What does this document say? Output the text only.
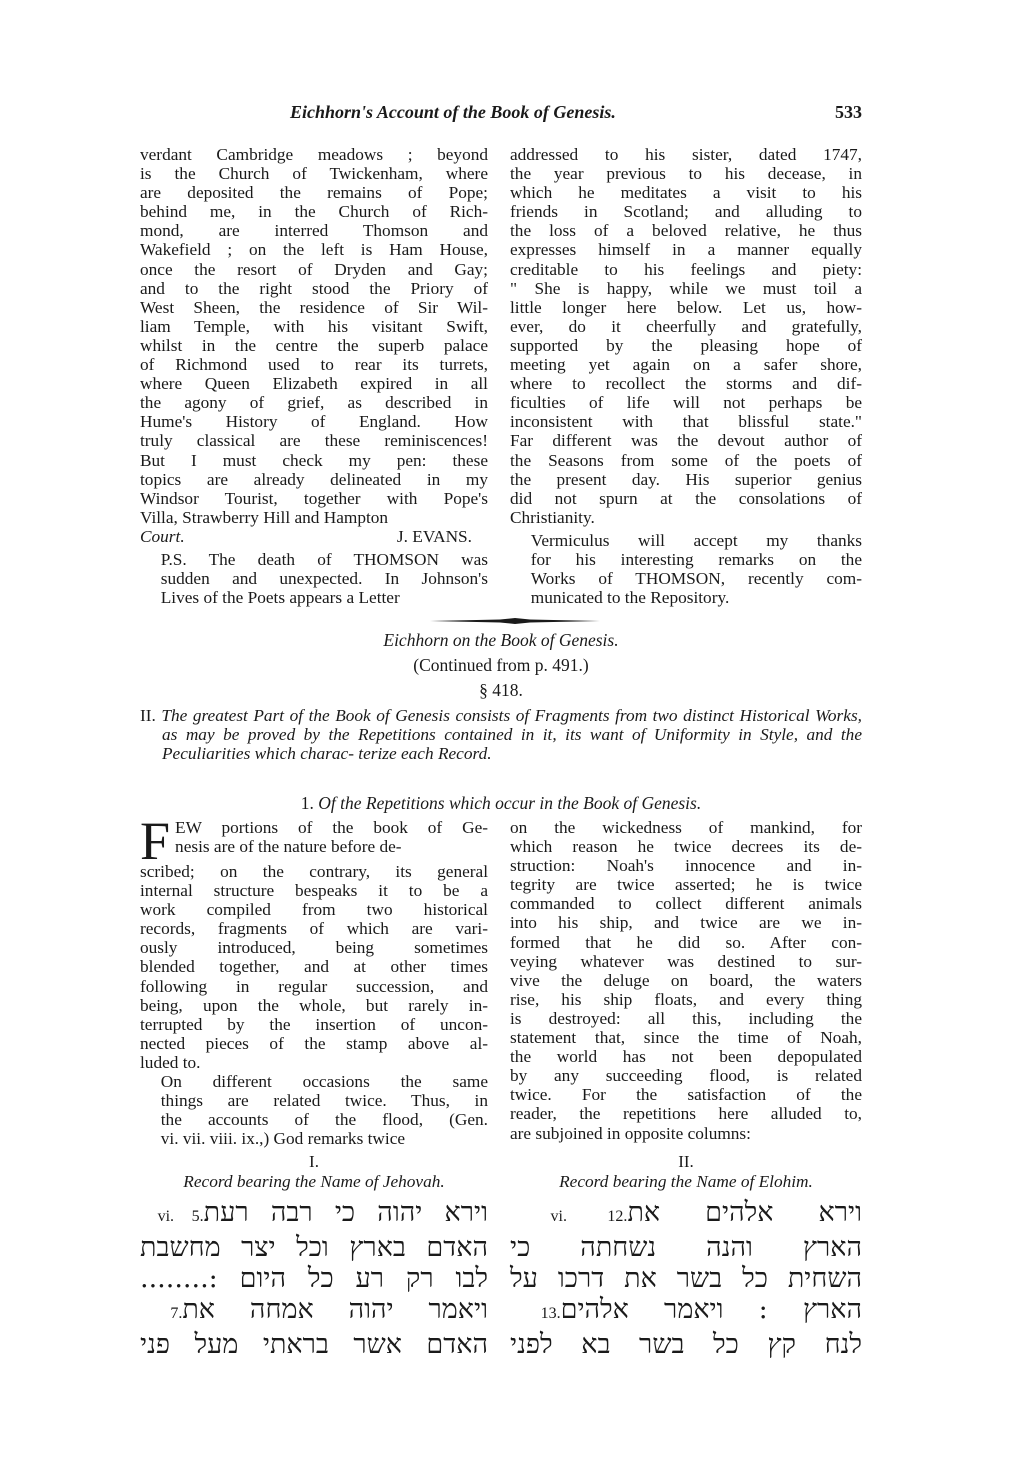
Eichhorn's Account of the Book of Genesis.	533
verdant Cambridge meadows ; beyond
is the Church of Twickenham, where
are deposited the remains of Pope;
behind me, in the Church of Rich-
mond, are interred Thomson and
Wakefield ; on the left is Ham House,
once the resort of Dryden and Gay;
and to the right stood the Priory of
West Sheen, the residence of Sir Wil-
liam Temple, with his visitant Swift,
whilst in the centre the superb palace
of Richmond used to rear its turrets,
where Queen Elizabeth expired in all
the agony of grief, as described in
Hume's History of England. How
truly classical are these reminiscences!
But I must check my pen: these
topics are already delineated in my
Windsor Tourist, together with Pope's
Villa, Strawberry Hill and Hampton
Court.	J. EVANS.
P.S. The death of THOMSON was
sudden and unexpected. In Johnson's
Lives of the Poets appears a Letter
addressed to his sister, dated 1747,
the year previous to his decease, in
which he meditates a visit to his
friends in Scotland; and alluding to
the loss of a beloved relative, he thus
expresses himself in a manner equally
creditable to his feelings and piety:
" She is happy, while we must toil a
little longer here below. Let us, how-
ever, do it cheerfully and gratefully,
supported by the pleasing hope of
meeting yet again on a safer shore,
where to recollect the storms and dif-
ficulties of life will not perhaps be
inconsistent with that blissful state."
Far different was the devout author of
the Seasons from some of the poets of
the present day. His superior genius
did not spurn at the consolations of
Christianity.
Vermiculus will accept my thanks
for his interesting remarks on the
Works of THOMSON, recently com-
municated to the Repository.
Eichhorn on the Book of Genesis.
(Continued from p. 491.)
§ 418.
II. The greatest Part of the Book of Genesis consists of Fragments from two distinct Historical Works, as may be proved by the Repetitions contained in it, its want of Uniformity in Style, and the Peculiarities which charac- terize each Record.
1. Of the Repetitions which occur in the Book of Genesis.
F EW portions of the book of Ge-
nesis are of the nature before de-
scribed; on the contrary, its general
internal structure bespeaks it to be a
work compiled from two historical
records, fragments of which are vari-
ously introduced, being sometimes
blended together, and at other times
following in regular succession, and
being, upon the whole, but rarely in-
terrupted by the insertion of uncon-
nected pieces of the stamp above al-
luded to.
On different occasions the same
things are related twice. Thus, in
the accounts of the flood, (Gen.
vi. vii. viii. ix.,) God remarks twice
on the wickedness of mankind, for
which reason he twice decrees its de-
struction: Noah's innocence and in-
tegrity are twice asserted; he is twice
commanded to collect different animals
into his ship, and twice are we in-
formed that he did so. After con-
veying whatever was destined to sur-
vive the deluge on board, the waters
rise, his ship floats, and every thing
is destroyed: all this, including the
statement that, since the time of Noah,
the world has not been depopulated
by any succeeding flood, is related
twice. For the satisfaction of the
reader, the repetitions here alluded to,
are subjoined in opposite columns:
I.
Record bearing the Name of Jehovah.
II.
Record bearing the Name of Elohim.

וירא יהוה כי רבה רעת vi. 5.

האדם בארץ וכל יצר מחשבת

לבו רק רע כל היום :........

ויאמר יהוה אמחה את 7.

האדם אשר בראתי מעל פני

וירא אלהים את vi. 12.

הארץ והנה נשחתה כי

השחית כל בשר את דרכו על

הארץ : ויאמר אלהים 13.

לנח קץ כל בשר בא לפני
